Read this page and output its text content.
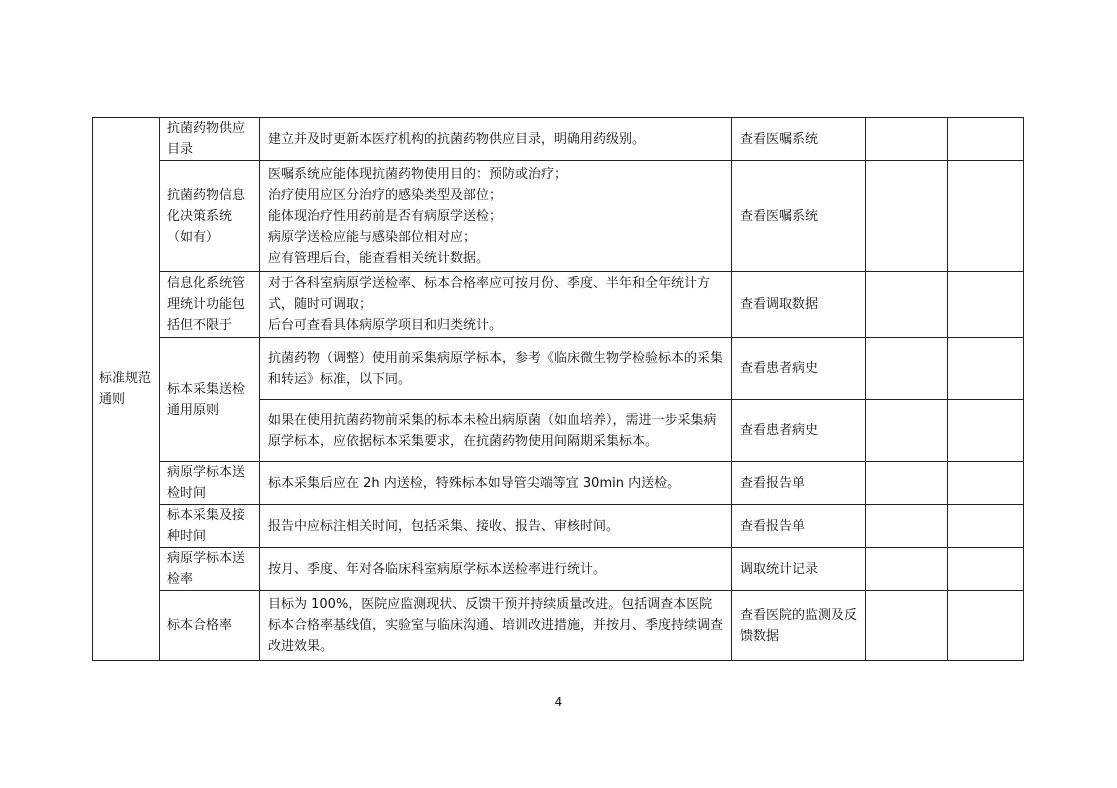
标准规范通则	抗菌药物供应目录	建立并及时更新本医疗机构的抗菌药物供应目录，明确用药级别。	查看医嘱系统		
	抗菌药物信息化决策系统（如有）	医嘱系统应能体现抗菌药物使用目的：预防或治疗；
治疗使用应区分治疗的感染类型及部位；
能体现治疗性用药前是否有病原学送检；
病原学送检应能与感染部位相对应；
应有管理后台，能查看相关统计数据。	查看医嘱系统		
	信息化系统管理统计功能包括但不限于	对于各科室病原学送检率、标本合格率应可按月份、季度、半年和全年统计方式，随时可调取；
后台可查看具体病原学项目和归类统计。	查看调取数据		
	标本采集送检通用原则	抗菌药物（调整）使用前采集病原学标本，参考《临床微生物学检验标本的采集和转运》标准，以下同。	查看患者病史		

		如果在使用抗菌药物前采集的标本未检出病原菌（如血培养），需进一步采集病原学标本，应依据标本采集要求，在抗菌药物使用间隔期采集标本。	查看患者病史		
	病原学标本送检时间	标本采集后应在 2h 内送检，特殊标本如导管尖端等宜 30min 内送检。	查看报告单		
	标本采集及接种时间	报告中应标注相关时间，包括采集、接收、报告、审核时间。	查看报告单		
	病原学标本送检率	按月、季度、年对各临床科室病原学标本送检率进行统计。	调取统计记录		
	标本合格率	目标为 100%，医院应监测现状、反馈干预并持续质量改进。包括调查本医院标本合格率基线值，实验室与临床沟通、培训改进措施，并按月、季度持续调查改进效果。	查看医院的监测及反馈数据		
4
